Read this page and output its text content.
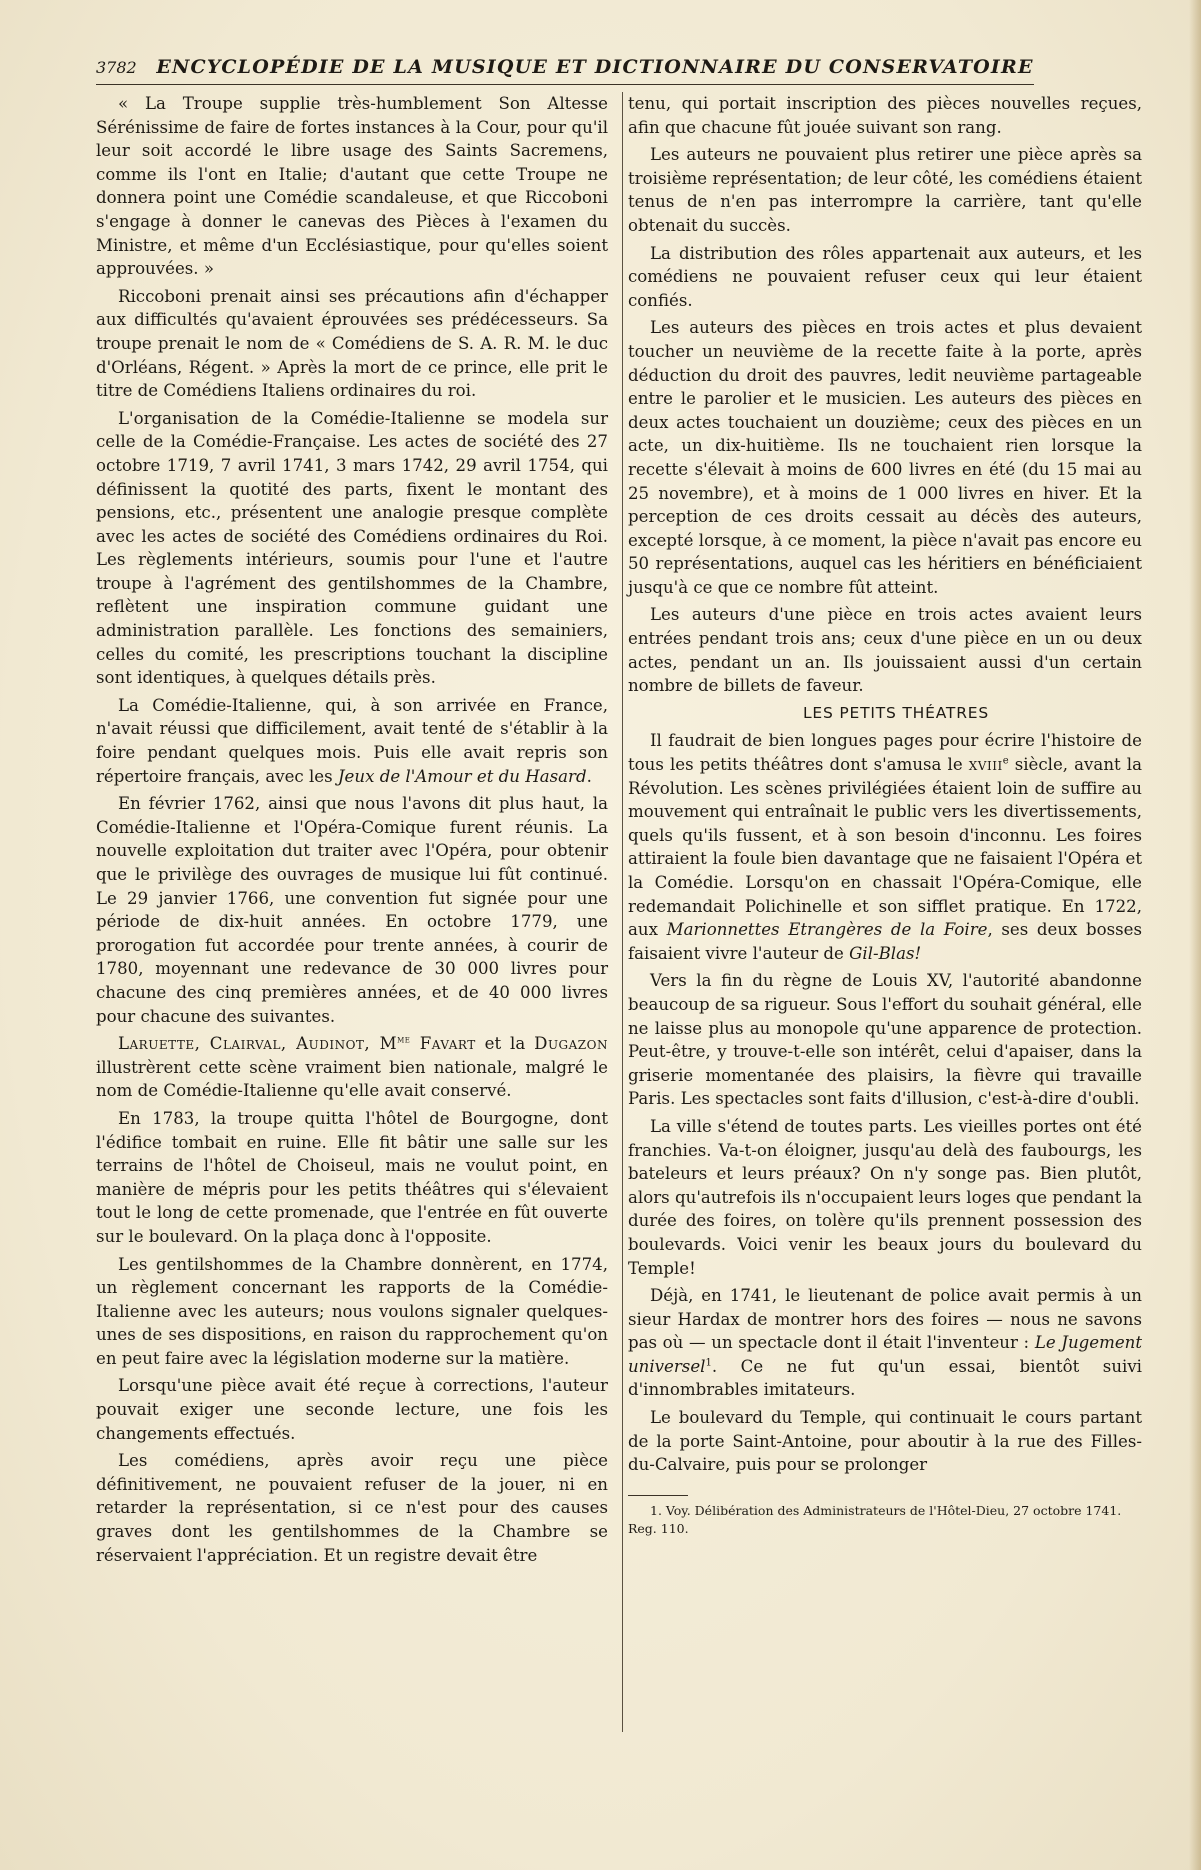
3782 ENCYCLOPÉDIE DE LA MUSIQUE ET DICTIONNAIRE DU CONSERVATOIRE

« La Troupe supplie très-humblement Son Altesse Sérénissime de faire de fortes instances à la Cour, pour qu'il leur soit accordé le libre usage des Saints Sacremens, comme ils l'ont en Italie; d'autant que cette Troupe ne donnera point une Comédie scandaleuse, et que Riccoboni s'engage à donner le canevas des Pièces à l'examen du Ministre, et même d'un Ecclésiastique, pour qu'elles soient approuvées. »

Riccoboni prenait ainsi ses précautions afin d'échapper aux difficultés qu'avaient éprouvées ses prédécesseurs. Sa troupe prenait le nom de « Comédiens de S. A. R. M. le duc d'Orléans, Régent. » Après la mort de ce prince, elle prit le titre de Comédiens Italiens ordinaires du roi.

L'organisation de la Comédie-Italienne se modela sur celle de la Comédie-Française. Les actes de société des 27 octobre 1719, 7 avril 1741, 3 mars 1742, 29 avril 1754, qui définissent la quotité des parts, fixent le montant des pensions, etc., présentent une analogie presque complète avec les actes de société des Comédiens ordinaires du Roi. Les règlements intérieurs, soumis pour l'une et l'autre troupe à l'agrément des gentilshommes de la Chambre, reflètent une inspiration commune guidant une administration parallèle. Les fonctions des semainiers, celles du comité, les prescriptions touchant la discipline sont identiques, à quelques détails près.

La Comédie-Italienne, qui, à son arrivée en France, n'avait réussi que difficilement, avait tenté de s'établir à la foire pendant quelques mois. Puis elle avait repris son répertoire français, avec les Jeux de l'Amour et du Hasard.

En février 1762, ainsi que nous l'avons dit plus haut, la Comédie-Italienne et l'Opéra-Comique furent réunis. La nouvelle exploitation dut traiter avec l'Opéra, pour obtenir que le privilège des ouvrages de musique lui fût continué. Le 29 janvier 1766, une convention fut signée pour une période de dix-huit années. En octobre 1779, une prorogation fut accordée pour trente années, à courir de 1780, moyennant une redevance de 30 000 livres pour chacune des cinq premières années, et de 40 000 livres pour chacune des suivantes.

Laruette, Clairval, Audinot, $M^{me}$ Favart et la Dugazon illustrèrent cette scène vraiment bien nationale, malgré le nom de Comédie-Italienne qu'elle avait conservé.

En 1783, la troupe quitta l'hôtel de Bourgogne, dont l'édifice tombait en ruine. Elle fit bâtir une salle sur les terrains de l'hôtel de Choiseul, mais ne voulut point, en manière de mépris pour les petits théâtres qui s'élevaient tout le long de cette promenade, que l'entrée en fût ouverte sur le boulevard. On la plaça donc à l'opposite.

Les gentilshommes de la Chambre donnèrent, en 1774, un règlement concernant les rapports de la Comédie-Italienne avec les auteurs; nous voulons signaler quelques-unes de ses dispositions, en raison du rapprochement qu'on en peut faire avec la législation moderne sur la matière.

Lorsqu'une pièce avait été reçue à corrections, l'auteur pouvait exiger une seconde lecture, une fois les changements effectués.

Les comédiens, après avoir reçu une pièce définitivement, ne pouvaient refuser de la jouer, ni en retarder la représentation, si ce n'est pour des causes graves dont les gentilshommes de la Chambre se réservaient l'appréciation. Et un registre devait être

tenu, qui portait inscription des pièces nouvelles reçues, afin que chacune fût jouée suivant son rang.

Les auteurs ne pouvaient plus retirer une pièce après sa troisième représentation; de leur côté, les comédiens étaient tenus de n'en pas interrompre la carrière, tant qu'elle obtenait du succès.

La distribution des rôles appartenait aux auteurs, et les comédiens ne pouvaient refuser ceux qui leur étaient confiés.

Les auteurs des pièces en trois actes et plus devaient toucher un neuvième de la recette faite à la porte, après déduction du droit des pauvres, ledit neuvième partageable entre le parolier et le musicien. Les auteurs des pièces en deux actes touchaient un douzième; ceux des pièces en un acte, un dix-huitième. Ils ne touchaient rien lorsque la recette s'élevait à moins de 600 livres en été (du 15 mai au 25 novembre), et à moins de 1 000 livres en hiver. Et la perception de ces droits cessait au décès des auteurs, excepté lorsque, à ce moment, la pièce n'avait pas encore eu 50 représentations, auquel cas les héritiers en bénéficiaient jusqu'à ce que ce nombre fût atteint.

Les auteurs d'une pièce en trois actes avaient leurs entrées pendant trois ans; ceux d'une pièce en un ou deux actes, pendant un an. Ils jouissaient aussi d'un certain nombre de billets de faveur.

LES PETITS THÉATRES

Il faudrait de bien longues pages pour écrire l'histoire de tous les petits théâtres dont s'amusa le xviii$^e$ siècle, avant la Révolution. Les scènes privilégiées étaient loin de suffire au mouvement qui entraînait le public vers les divertissements, quels qu'ils fussent, et à son besoin d'inconnu. Les foires attiraient la foule bien davantage que ne faisaient l'Opéra et la Comédie. Lorsqu'on en chassait l'Opéra-Comique, elle redemandait Polichinelle et son sifflet pratique. En 1722, aux Marionnettes Etrangères de la Foire, ses deux bosses faisaient vivre l'auteur de Gil-Blas!

Vers la fin du règne de Louis XV, l'autorité abandonne beaucoup de sa rigueur. Sous l'effort du souhait général, elle ne laisse plus au monopole qu'une apparence de protection. Peut-être, y trouve-t-elle son intérêt, celui d'apaiser, dans la griserie momentanée des plaisirs, la fièvre qui travaille Paris. Les spectacles sont faits d'illusion, c'est-à-dire d'oubli.

La ville s'étend de toutes parts. Les vieilles portes ont été franchies. Va-t-on éloigner, jusqu'au delà des faubourgs, les bateleurs et leurs préaux? On n'y songe pas. Bien plutôt, alors qu'autrefois ils n'occupaient leurs loges que pendant la durée des foires, on tolère qu'ils prennent possession des boulevards. Voici venir les beaux jours du boulevard du Temple!

Déjà, en 1741, le lieutenant de police avait permis à un sieur Hardax de montrer hors des foires — nous ne savons pas où — un spectacle dont il était l'inventeur : Le Jugement universel$^1$. Ce ne fut qu'un essai, bientôt suivi d'innombrables imitateurs.

Le boulevard du Temple, qui continuait le cours partant de la porte Saint-Antoine, pour aboutir à la rue des Filles-du-Calvaire, puis pour se prolonger

1. Voy. Délibération des Administrateurs de l'Hôtel-Dieu, 27 octobre 1741. Reg. 110.
